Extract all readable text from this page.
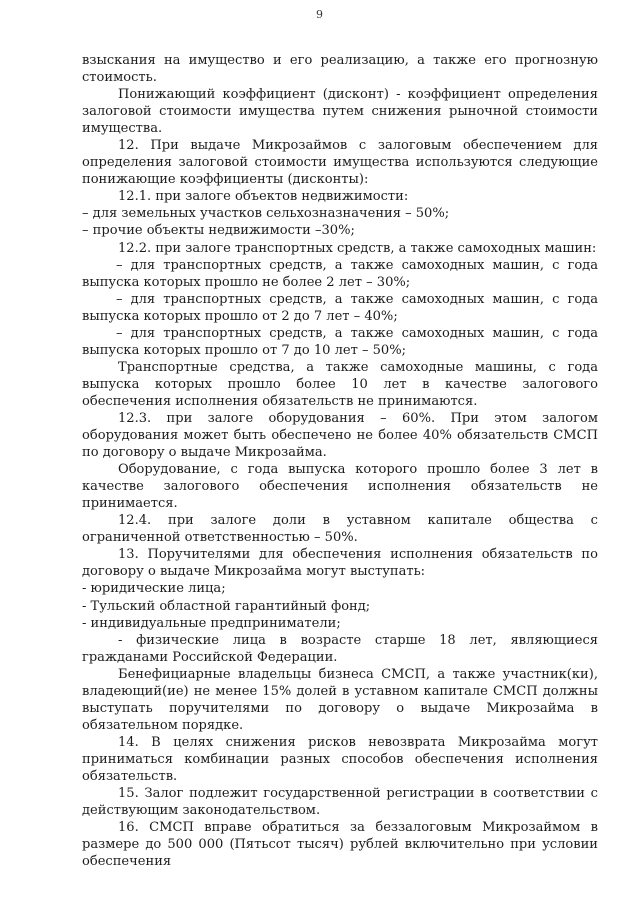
9

взыскания на имущество и его реализацию, а также его прогнозную стоимость.

Понижающий коэффициент (дисконт) - коэффициент определения залоговой стоимости имущества путем снижения рыночной стоимости имущества.

12. При выдаче Микрозаймов с залоговым обеспечением для определения залоговой стоимости имущества используются следующие понижающие коэффициенты (дисконты):

12.1. при залоге объектов недвижимости:

– для земельных участков сельхозназначения – 50%;

– прочие объекты недвижимости –30%;

12.2. при залоге транспортных средств, а также самоходных машин:

– для транспортных средств, а также самоходных машин, с года выпуска которых прошло не более 2 лет – 30%;

– для транспортных средств, а также самоходных машин, с года выпуска которых прошло от 2 до 7 лет – 40%;

– для транспортных средств, а также самоходных машин, с года выпуска которых прошло от 7 до 10 лет – 50%;

Транспортные средства, а также самоходные машины, с года выпуска которых прошло более 10 лет в качестве залогового обеспечения исполнения обязательств не принимаются.

12.3. при залоге оборудования – 60%. При этом залогом оборудования может быть обеспечено не более 40% обязательств СМСП по договору о выдаче Микрозайма.

Оборудование, с года выпуска которого прошло более 3 лет в качестве залогового обеспечения исполнения обязательств не принимается.

12.4. при залоге доли в уставном капитале общества с ограниченной ответственностью – 50%.

13. Поручителями для обеспечения исполнения обязательств по договору о выдаче Микрозайма могут выступать:

- юридические лица;

- Тульский областной гарантийный фонд;

- индивидуальные предприниматели;

- физические лица в возрасте старше 18 лет, являющиеся гражданами Российской Федерации.

Бенефициарные владельцы бизнеса СМСП, а также участник(ки), владеющий(ие) не менее 15% долей в уставном капитале СМСП должны выступать поручителями по договору о выдаче Микрозайма в обязательном порядке.

14. В целях снижения рисков невозврата Микрозайма могут приниматься комбинации разных способов обеспечения исполнения обязательств.

15. Залог подлежит государственной регистрации в соответствии с действующим законодательством.

16. СМСП вправе обратиться за беззалоговым Микрозаймом в размере до 500 000 (Пятьсот тысяч) рублей включительно при условии обеспечения
